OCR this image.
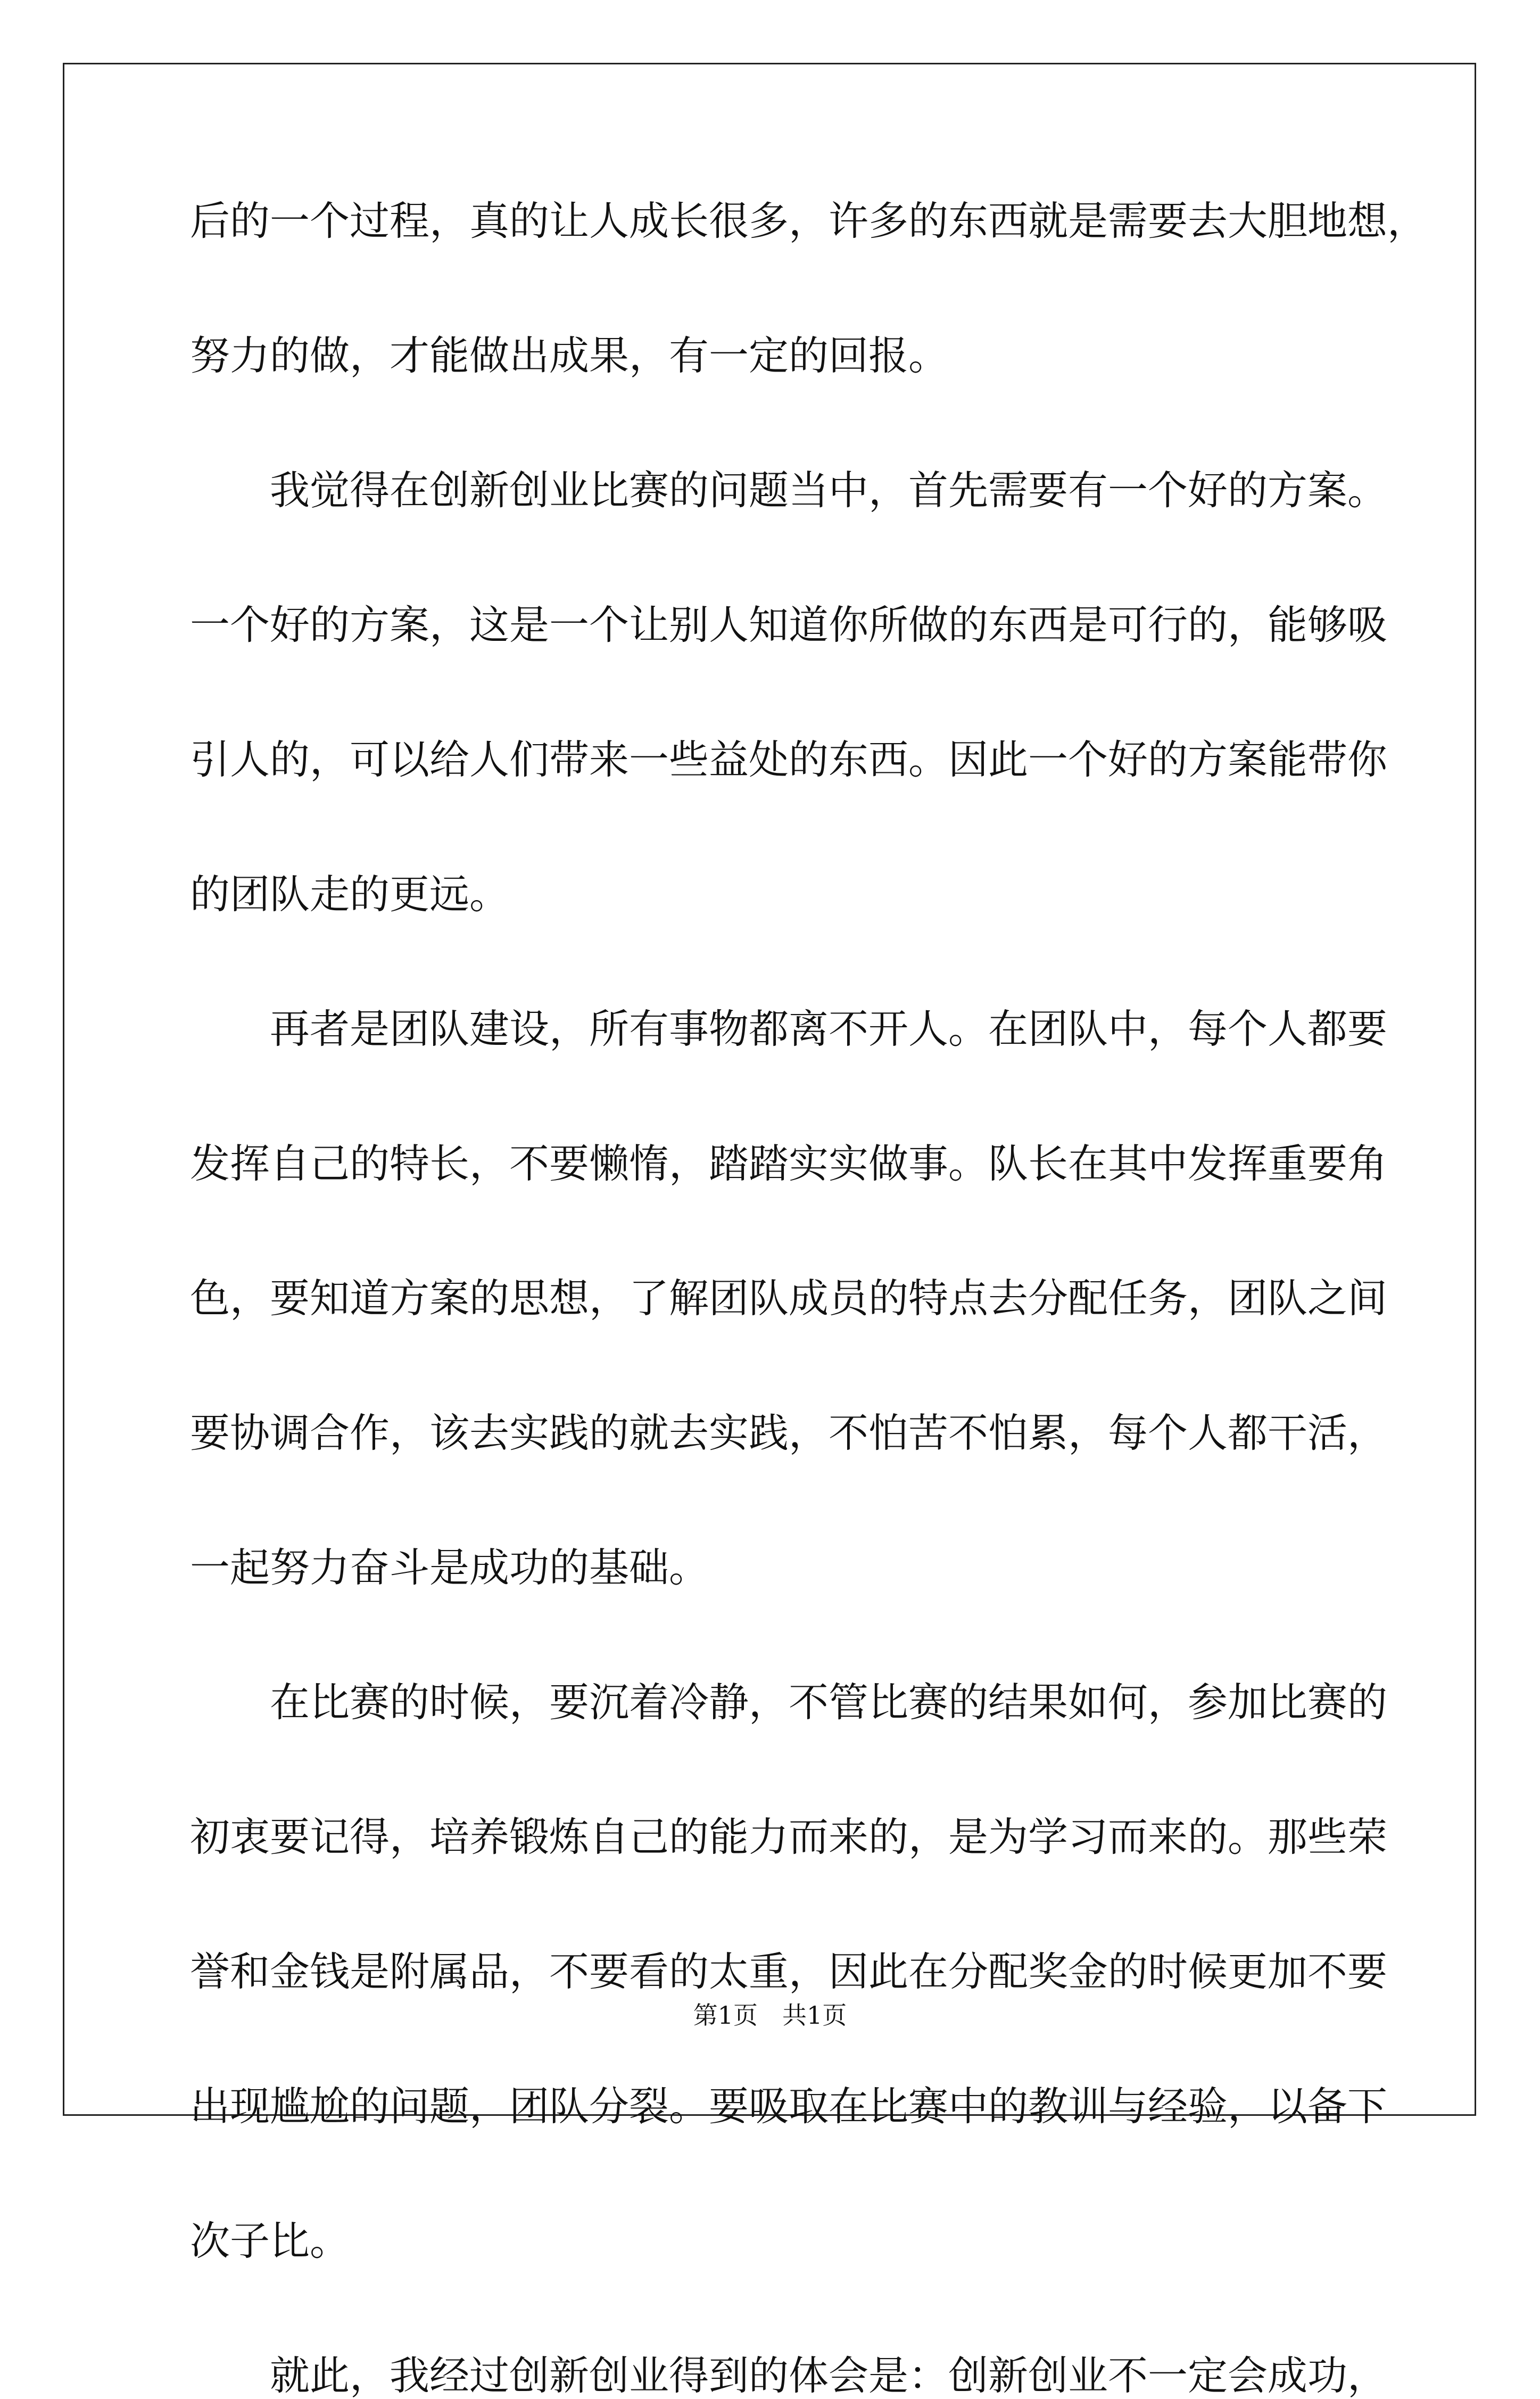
后的一个过程，真的让人成长很多，许多的东西就是需要去大胆地想，
努力的做，才能做出成果，有一定的回报。
我觉得在创新创业比赛的问题当中，首先需要有一个好的方案。
一个好的方案，这是一个让别人知道你所做的东西是可行的，能够吸
引人的，可以给人们带来一些益处的东西。因此一个好的方案能带你
的团队走的更远。
再者是团队建设，所有事物都离不开人。在团队中，每个人都要
发挥自己的特长，不要懒惰，踏踏实实做事。队长在其中发挥重要角
色，要知道方案的思想，了解团队成员的特点去分配任务，团队之间
要协调合作，该去实践的就去实践，不怕苦不怕累，每个人都干活，
一起努力奋斗是成功的基础。
在比赛的时候，要沉着冷静，不管比赛的结果如何，参加比赛的
初衷要记得，培养锻炼自己的能力而来的，是为学习而来的。那些荣
誉和金钱是附属品，不要看的太重，因此在分配奖金的时候更加不要
出现尴尬的问题，团队分裂。要吸取在比赛中的教训与经验，以备下
次子比。
就此，我经过创新创业得到的体会是：创新创业不一定会成功，
第1页　共1页
